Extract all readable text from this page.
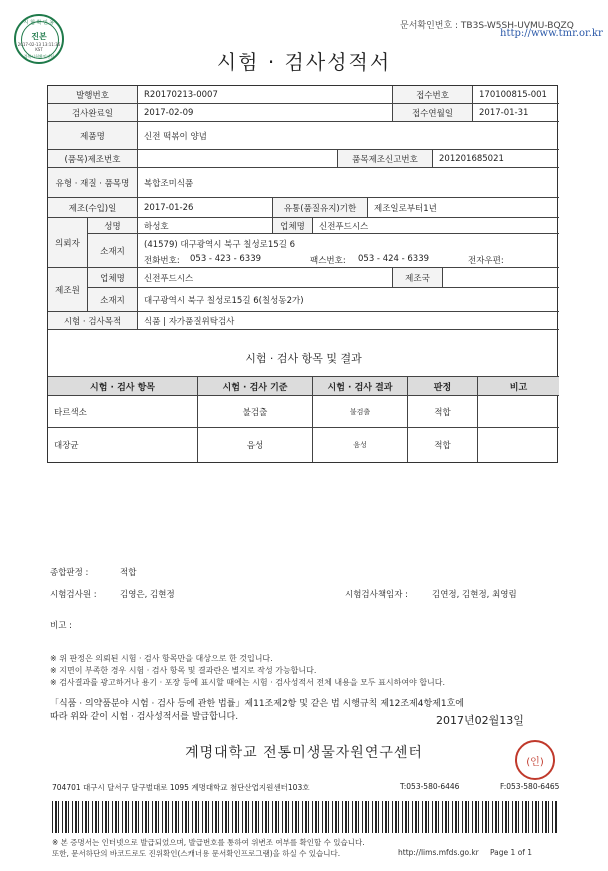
시 험 확 인 용
진본
2017-02-13 13:11:36 KST
경북시험확인센터
문서확인번호 : TB3S-W5SH-UVMU-BQZQ
http://www.tmr.or.kr
시험 · 검사성적서
발행번호	R20170213-0007	접수번호	170100815-001
검사완료일	2017-02-09	접수연월일	2017-01-31
제품명	신전 떡볶이 양념
(품목)제조번호	품목제조신고번호	201201685021
유형 · 재질 · 품목명	복합조미식품
제조(수입)일	2017-01-26	유통(품질유지)기한	제조일로부터1년
의뢰자
성명	하성호	업체명	신전푸드시스
소재지
(41579) 대구광역시 북구 칠성로15길 6
전화번호: 053 - 423 - 6339	팩스번호: 053 - 424 - 6339	전자우편:
제조원
업체명	신전푸드시스	제조국
소재지	대구광역시 북구 칠성로15길 6(칠성동2가)
시험 · 검사목적	식품 | 자가품질위탁검사
시험 · 검사 항목 및 결과
시험 · 검사 항목	시험 · 검사 기준	시험 · 검사 결과	판정	비고
타르색소	불검출	불검출	적합
대장균	음성	음성	적합
종합판정 :	적합
시험검사원 :	김영은, 김현정	시험검사책임자 :	김연정, 김현정, 최영림
비고 :
※ 위 판정은 의뢰된 시험 · 검사 항목만을 대상으로 한 것입니다.
※ 지면이 부족한 경우 시험 · 검사 항목 및 결과란은 별지로 작성 가능합니다.
※ 검사결과를 광고하거나 용기 · 포장 등에 표시할 때에는 시험 · 검사성적서 전체 내용을 모두 표시하여야 합니다.
「식품 · 의약품분야 시험 · 검사 등에 관한 법률」제11조제2항 및 같은 법 시행규칙 제12조제4항제1호에
따라 위와 같이 시험 · 검사성적서를 발급합니다.	2017년02월13일
계명대학교 전통미생물자원연구센터
(인)
704701 대구시 달서구 달구벌대로 1095 계명대학교 첨단산업지원센터103호	T:053-580-6446	F:053-580-6465
※ 본 증명서는 인터넷으로 발급되었으며, 발급번호를 통하여 위변조 여부를 확인할 수 있습니다.
또한, 문서하단의 바코드로도 진위확인(스캐너용 문서확인프로그램)을 하실 수 있습니다.	http://lims.mfds.go.kr Page 1 of 1
